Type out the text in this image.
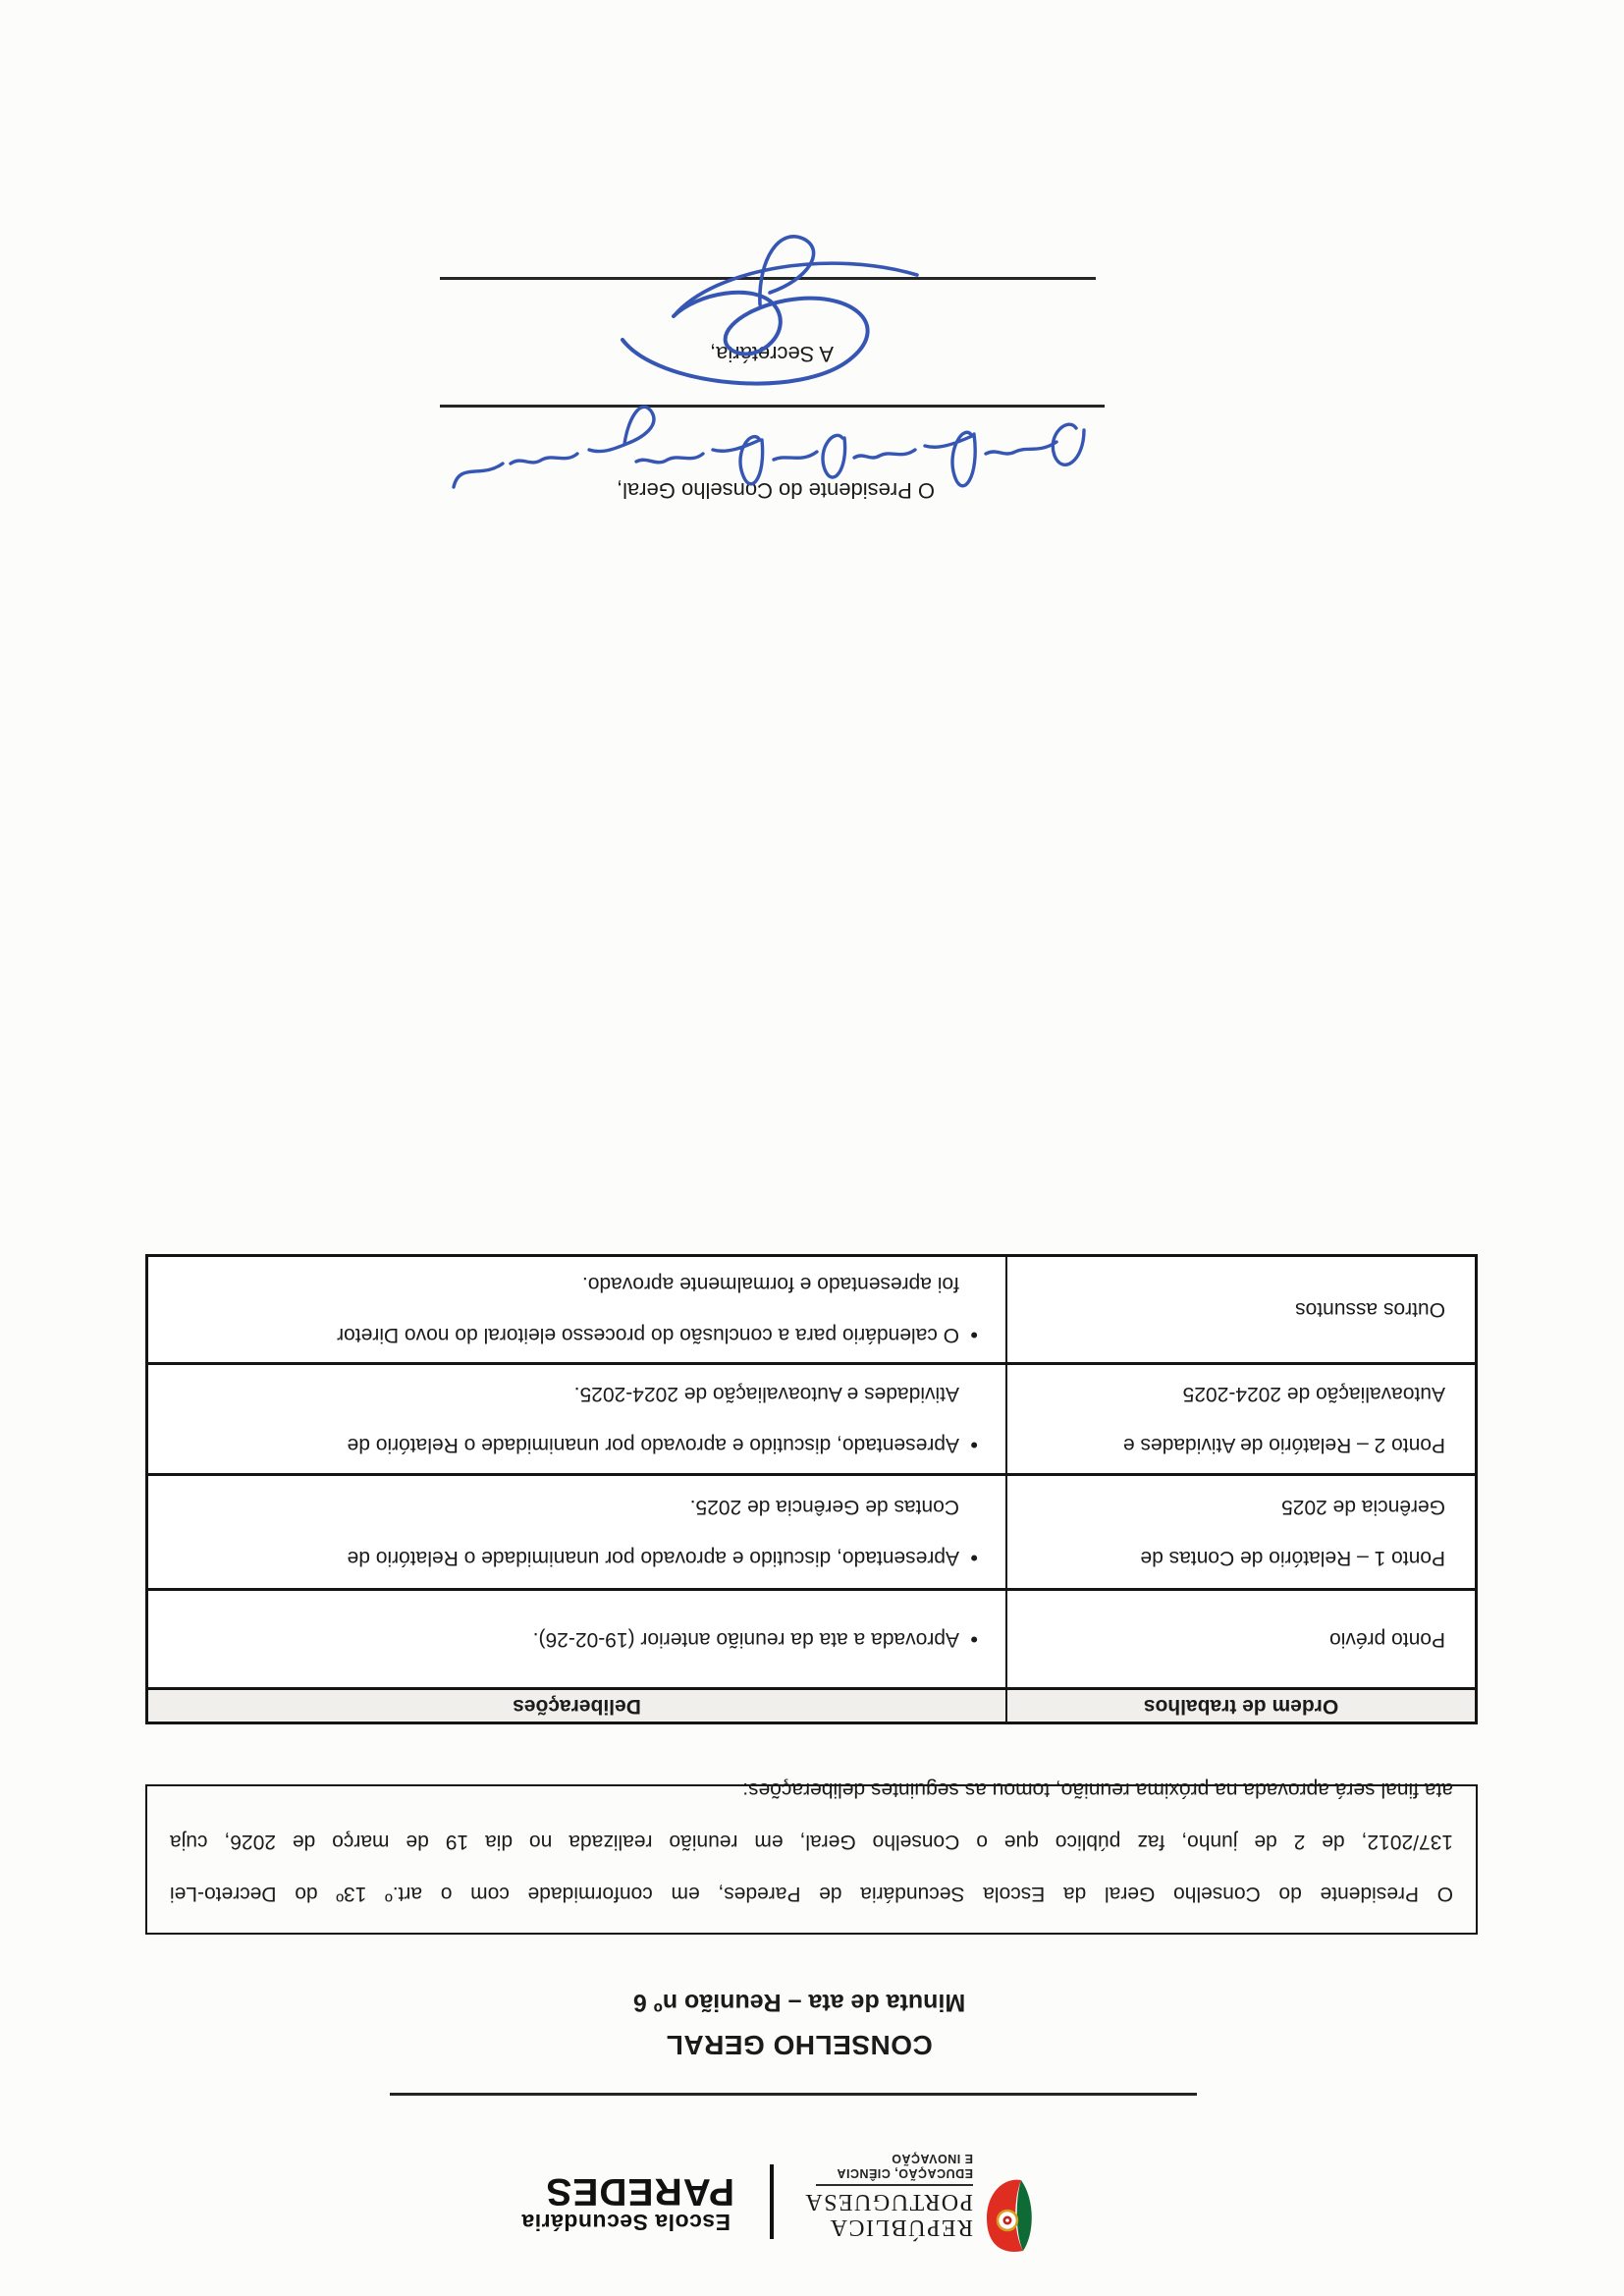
REPÚBLICA
PORTUGUESA
EDUCAÇÃO, CIÊNCIA
E INOVAÇÃO
Escola Secundária
PAREDES
CONSELHO GERAL
Minuta de ata – Reunião nº 6
O Presidente do Conselho Geral da Escola Secundária de Paredes, em conformidade com o art.º 13º do Decreto-Lei
137/2012, de 2 de junho, faz público que o Conselho Geral, em reunião realizada no dia 19 de março de 2026, cuja
ata final será aprovada na próxima reunião, tomou as seguintes deliberações:
Ordem de trabalhos
Deliberações
Ponto prévio
•
Aprovada a ata da reunião anterior (19-02-26).
Ponto 1 – Relatório de Contas de
Gerência de 2025
•
Apresentado, discutido e aprovado por unanimidade o Relatório de
Contas de Gerência de 2025.
Ponto 2 – Relatório de Atividades e
Autoavaliação de 2024-2025
•
Apresentado, discutido e aprovado por unanimidade o Relatório de
Atividades e Autoavaliação de 2024-2025.
Outros assuntos
•
O calendário para a conclusão do processo eleitoral do novo Diretor
foi apresentado e formalmente aprovado.
O Presidente do Conselho Geral,
A Secretária,
